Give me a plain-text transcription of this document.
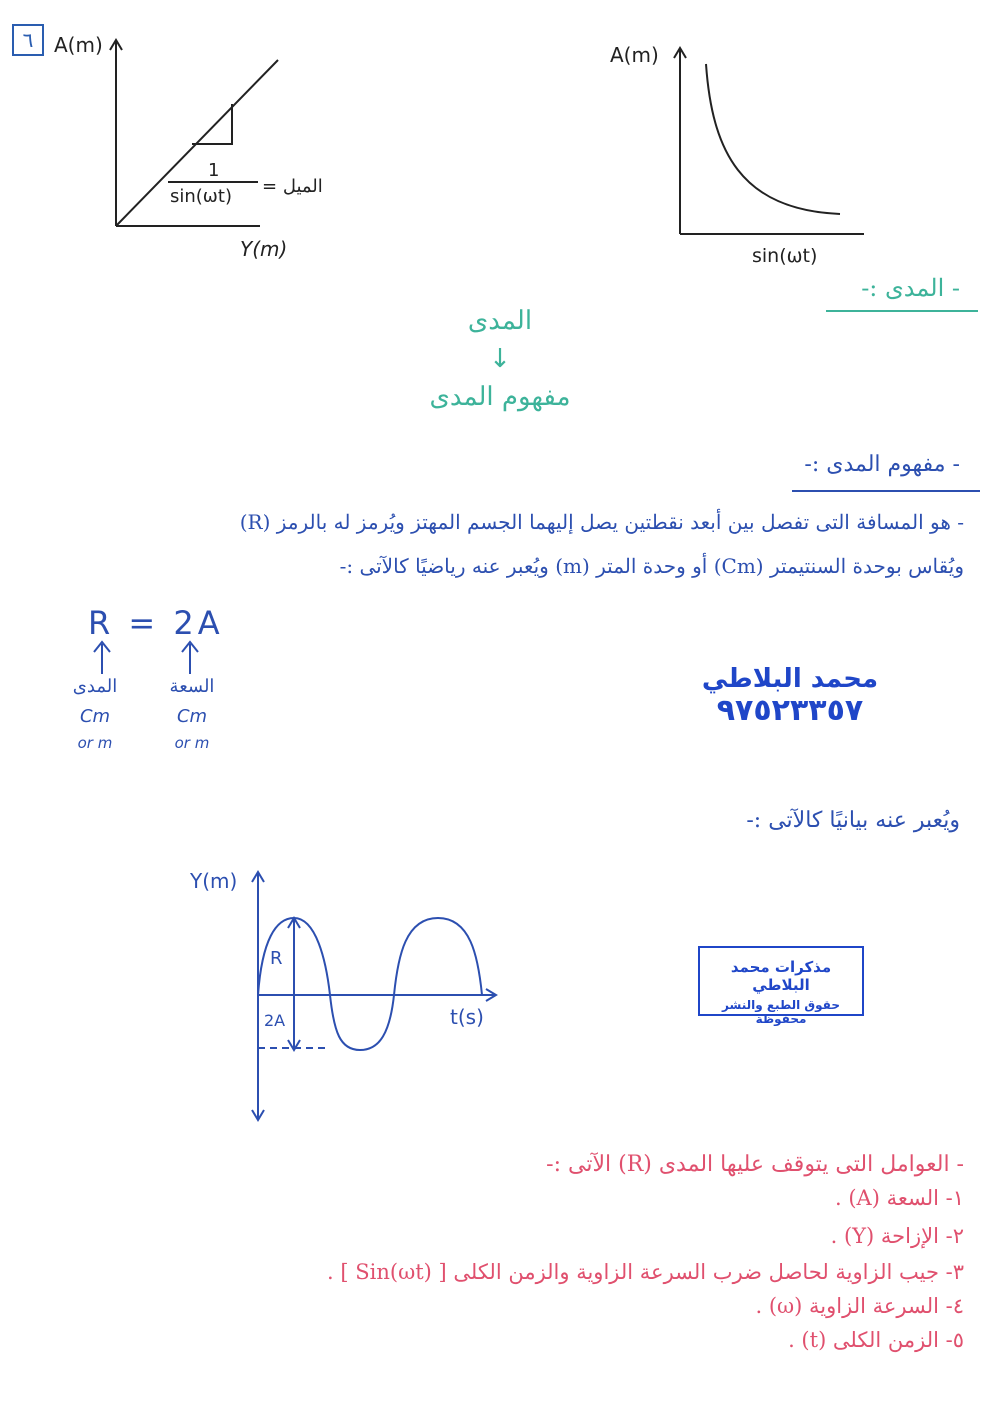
٦	A(m)
Y(m)
1
sin(ωt) = الميل
A(m)
sin(ωt)
- المدى :-
المدى
↓
مفهوم المدى
- مفهوم المدى :-
- هو المسافة التى تفصل بين أبعد نقطتين يصل إليهما الجسم المهتز ويُرمز له بالرمز (R)
ويُقاس بوحدة السنتيمتر (Cm) أو وحدة المتر (m) ويُعبر عنه رياضيًا كالآتى :-
R = 2A
المدى
Cm
or m
السعة
Cm
or m
محمد البلاطي
٩٧٥٢٣٣٥٧
ويُعبر عنه بيانيًا كالآتى :-
Y(m)
t(s)
R
2A
مذكرات محمد البلاطي
حقوق الطبع والنشر محفوظة
- العوامل التى يتوقف عليها المدى (R) الآتى :-
١- السعة (A) .
٢- الإزاحة (Y) .
٣- جيب الزاوية لحاصل ضرب السرعة الزاوية والزمن الكلى [ Sin(ωt) ] .
٤- السرعة الزاوية (ω) .
٥- الزمن الكلى (t) .
